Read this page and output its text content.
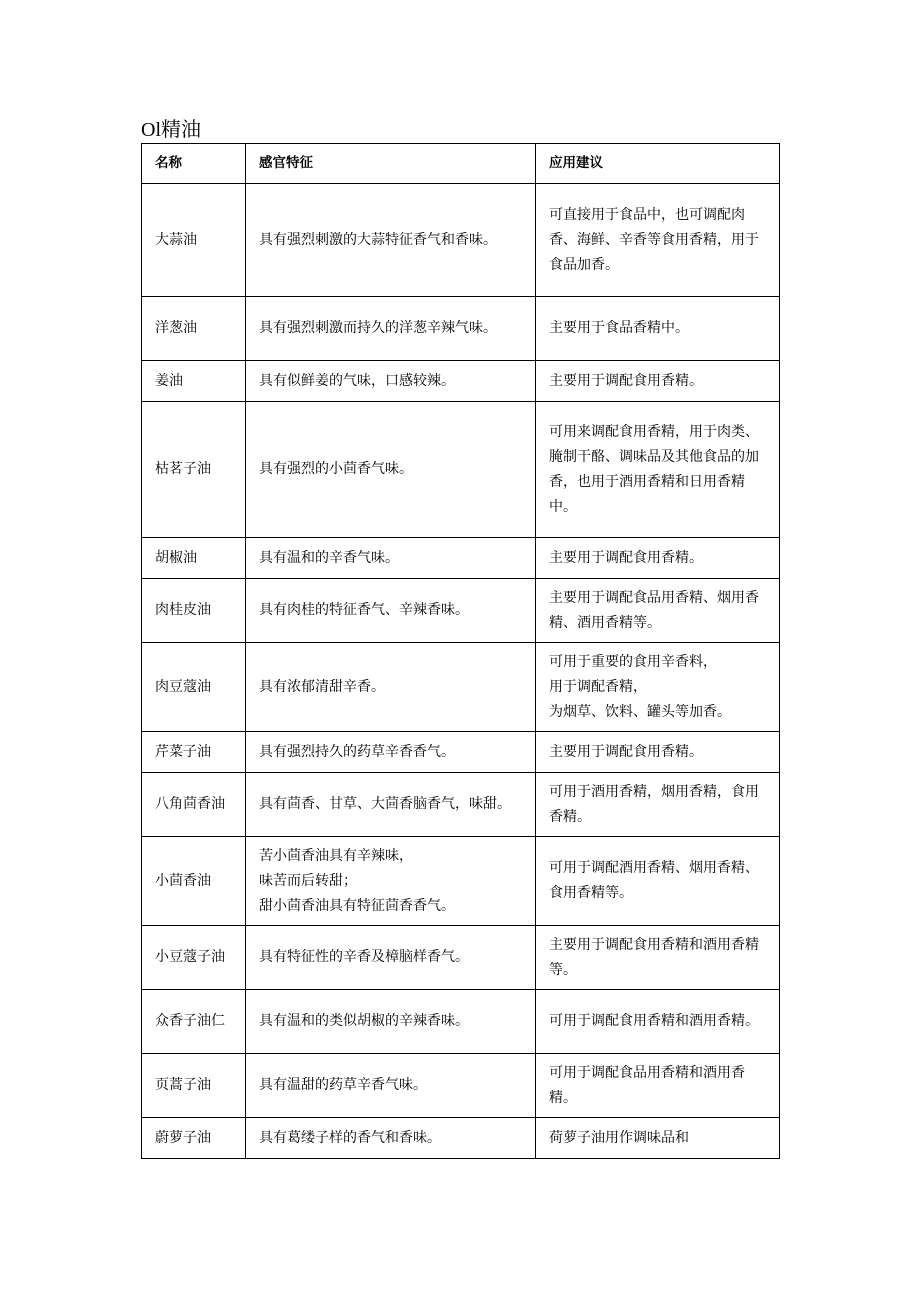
Ol精油
名称	感官特征	应用建议
大蒜油	具有强烈刺激的大蒜特征香气和香味。	可直接用于食品中，也可调配肉香、海鲜、辛香等食用香精，用于食品加香。

洋葱油	具有强烈刺激而持久的洋葱辛辣气味。	主要用于食品香精中。

姜油	具有似鲜姜的气味，口感较辣。	主要用于调配食用香精。

枯茗子油	具有强烈的小茴香气味。	可用来调配食用香精，用于肉类、腌制干酪、调味品及其他食品的加香，也用于酒用香精和日用香精中。

胡椒油	具有温和的辛香气味。	主要用于调配食用香精。

肉桂皮油	具有肉桂的特征香气、辛辣香味。	主要用于调配食品用香精、烟用香精、酒用香精等。

肉豆蔻油	具有浓郁清甜辛香。	可用于重要的食用辛香料，
用于调配香精，
为烟草、饮料、罐头等加香。

芹菜子油	具有强烈持久的药草辛香香气。	主要用于调配食用香精。

八角茴香油	具有茴香、甘草、大茴香脑香气，味甜。	可用于酒用香精，烟用香精，食用香精。

小茴香油	苦小茴香油具有辛辣味，
味苦而后转甜；
甜小茴香油具有特征茴香香气。	可用于调配酒用香精、烟用香精、食用香精等。

小豆蔻子油	具有特征性的辛香及樟脑样香气。	主要用于调配食用香精和酒用香精等。

众香子油仁	具有温和的类似胡椒的辛辣香味。	可用于调配食用香精和酒用香精。

页蒿子油	具有温甜的药草辛香气味。	可用于调配食品用香精和酒用香精。

蔚萝子油	具有葛缕子样的香气和香味。	荷萝子油用作调味品和
